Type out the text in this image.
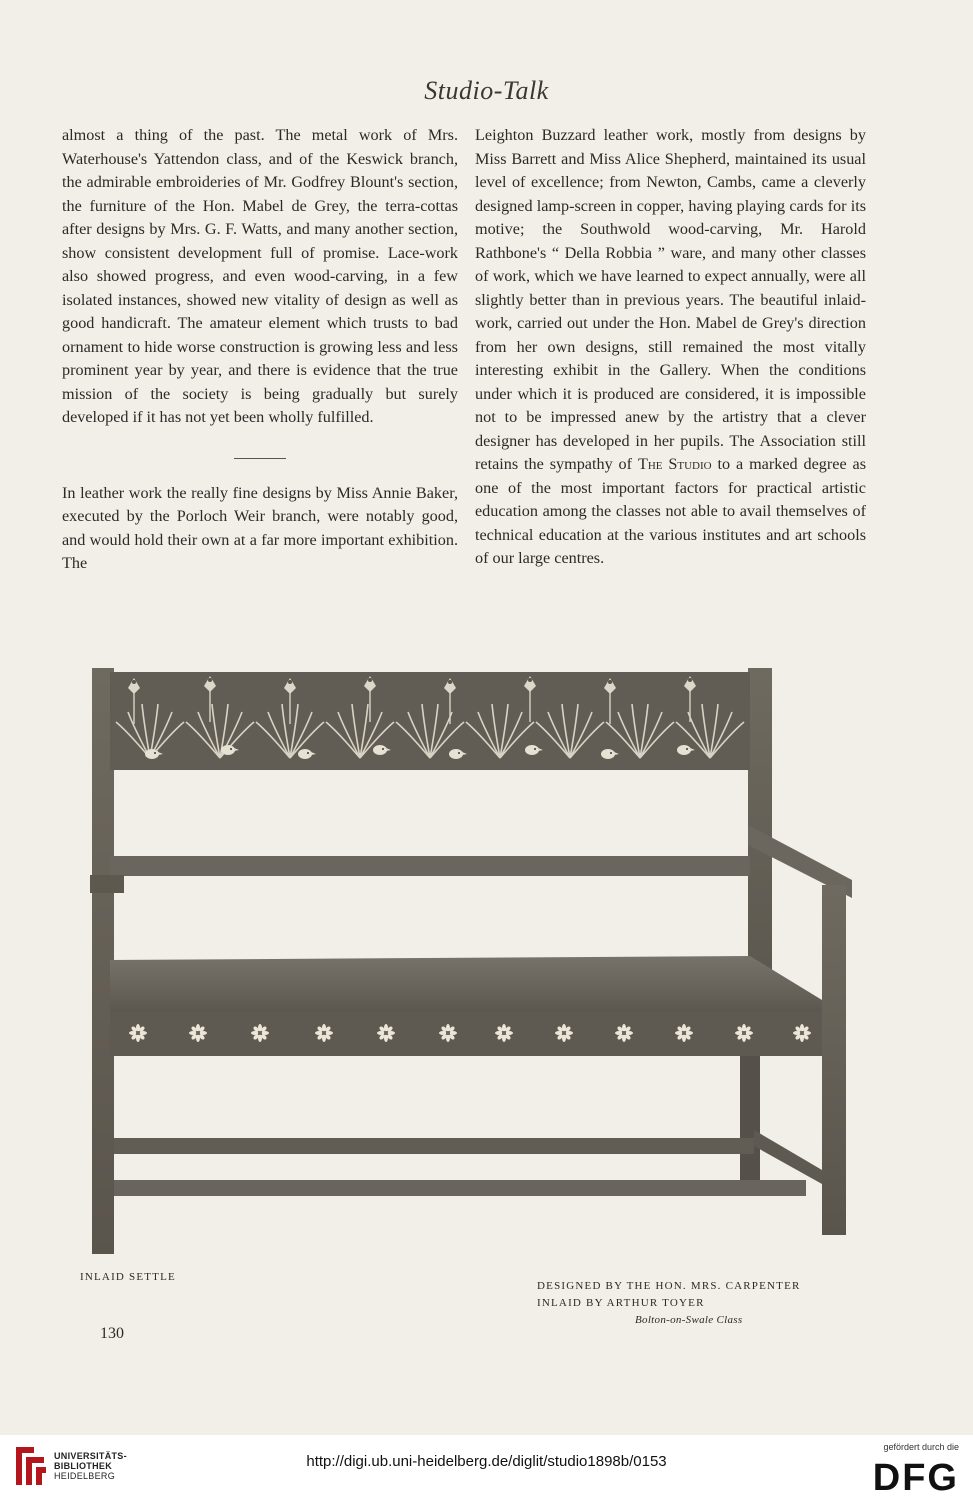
Studio-Talk

almost a thing of the past. The metal work of Mrs. Waterhouse's Yattendon class, and of the Keswick branch, the admirable embroideries of Mr. Godfrey Blount's section, the furniture of the Hon. Mabel de Grey, the terra-cottas after designs by Mrs. G. F. Watts, and many another section, show consistent development full of promise. Lace-work also showed progress, and even wood-carving, in a few isolated instances, showed new vitality of design as well as good handicraft. The amateur element which trusts to bad ornament to hide worse construction is growing less and less prominent year by year, and there is evidence that the true mission of the society is being gradually but surely developed if it has not yet been wholly fulfilled.

In leather work the really fine designs by Miss Annie Baker, executed by the Porloch Weir branch, were notably good, and would hold their own at a far more important exhibition. The

Leighton Buzzard leather work, mostly from designs by Miss Barrett and Miss Alice Shepherd, maintained its usual level of excellence; from Newton, Cambs, came a cleverly designed lamp-screen in copper, having playing cards for its motive; the Southwold wood-carving, Mr. Harold Rathbone's “ Della Robbia ” ware, and many other classes of work, which we have learned to expect annually, were all slightly better than in previous years. The beautiful inlaid-work, carried out under the Hon. Mabel de Grey's direction from her own designs, still remained the most vitally interesting exhibit in the Gallery. When the conditions under which it is produced are considered, it is impossible not to be impressed anew by the artistry that a clever designer has developed in her pupils. The Association still retains the sympathy of The Studio to a marked degree as one of the most important factors for practical artistic education among the classes not able to avail themselves of technical education at the various institutes and art schools of our large centres.

INLAID SETTLE
DESIGNED BY THE HON. MRS. CARPENTER
INLAID BY ARTHUR TOYER
Bolton-on-Swale Class
130
UNIVERSITÄTS-
BIBLIOTHEK
HEIDELBERG
http://digi.ub.uni-heidelberg.de/diglit/studio1898b/0153
gefördert durch die
DFG
